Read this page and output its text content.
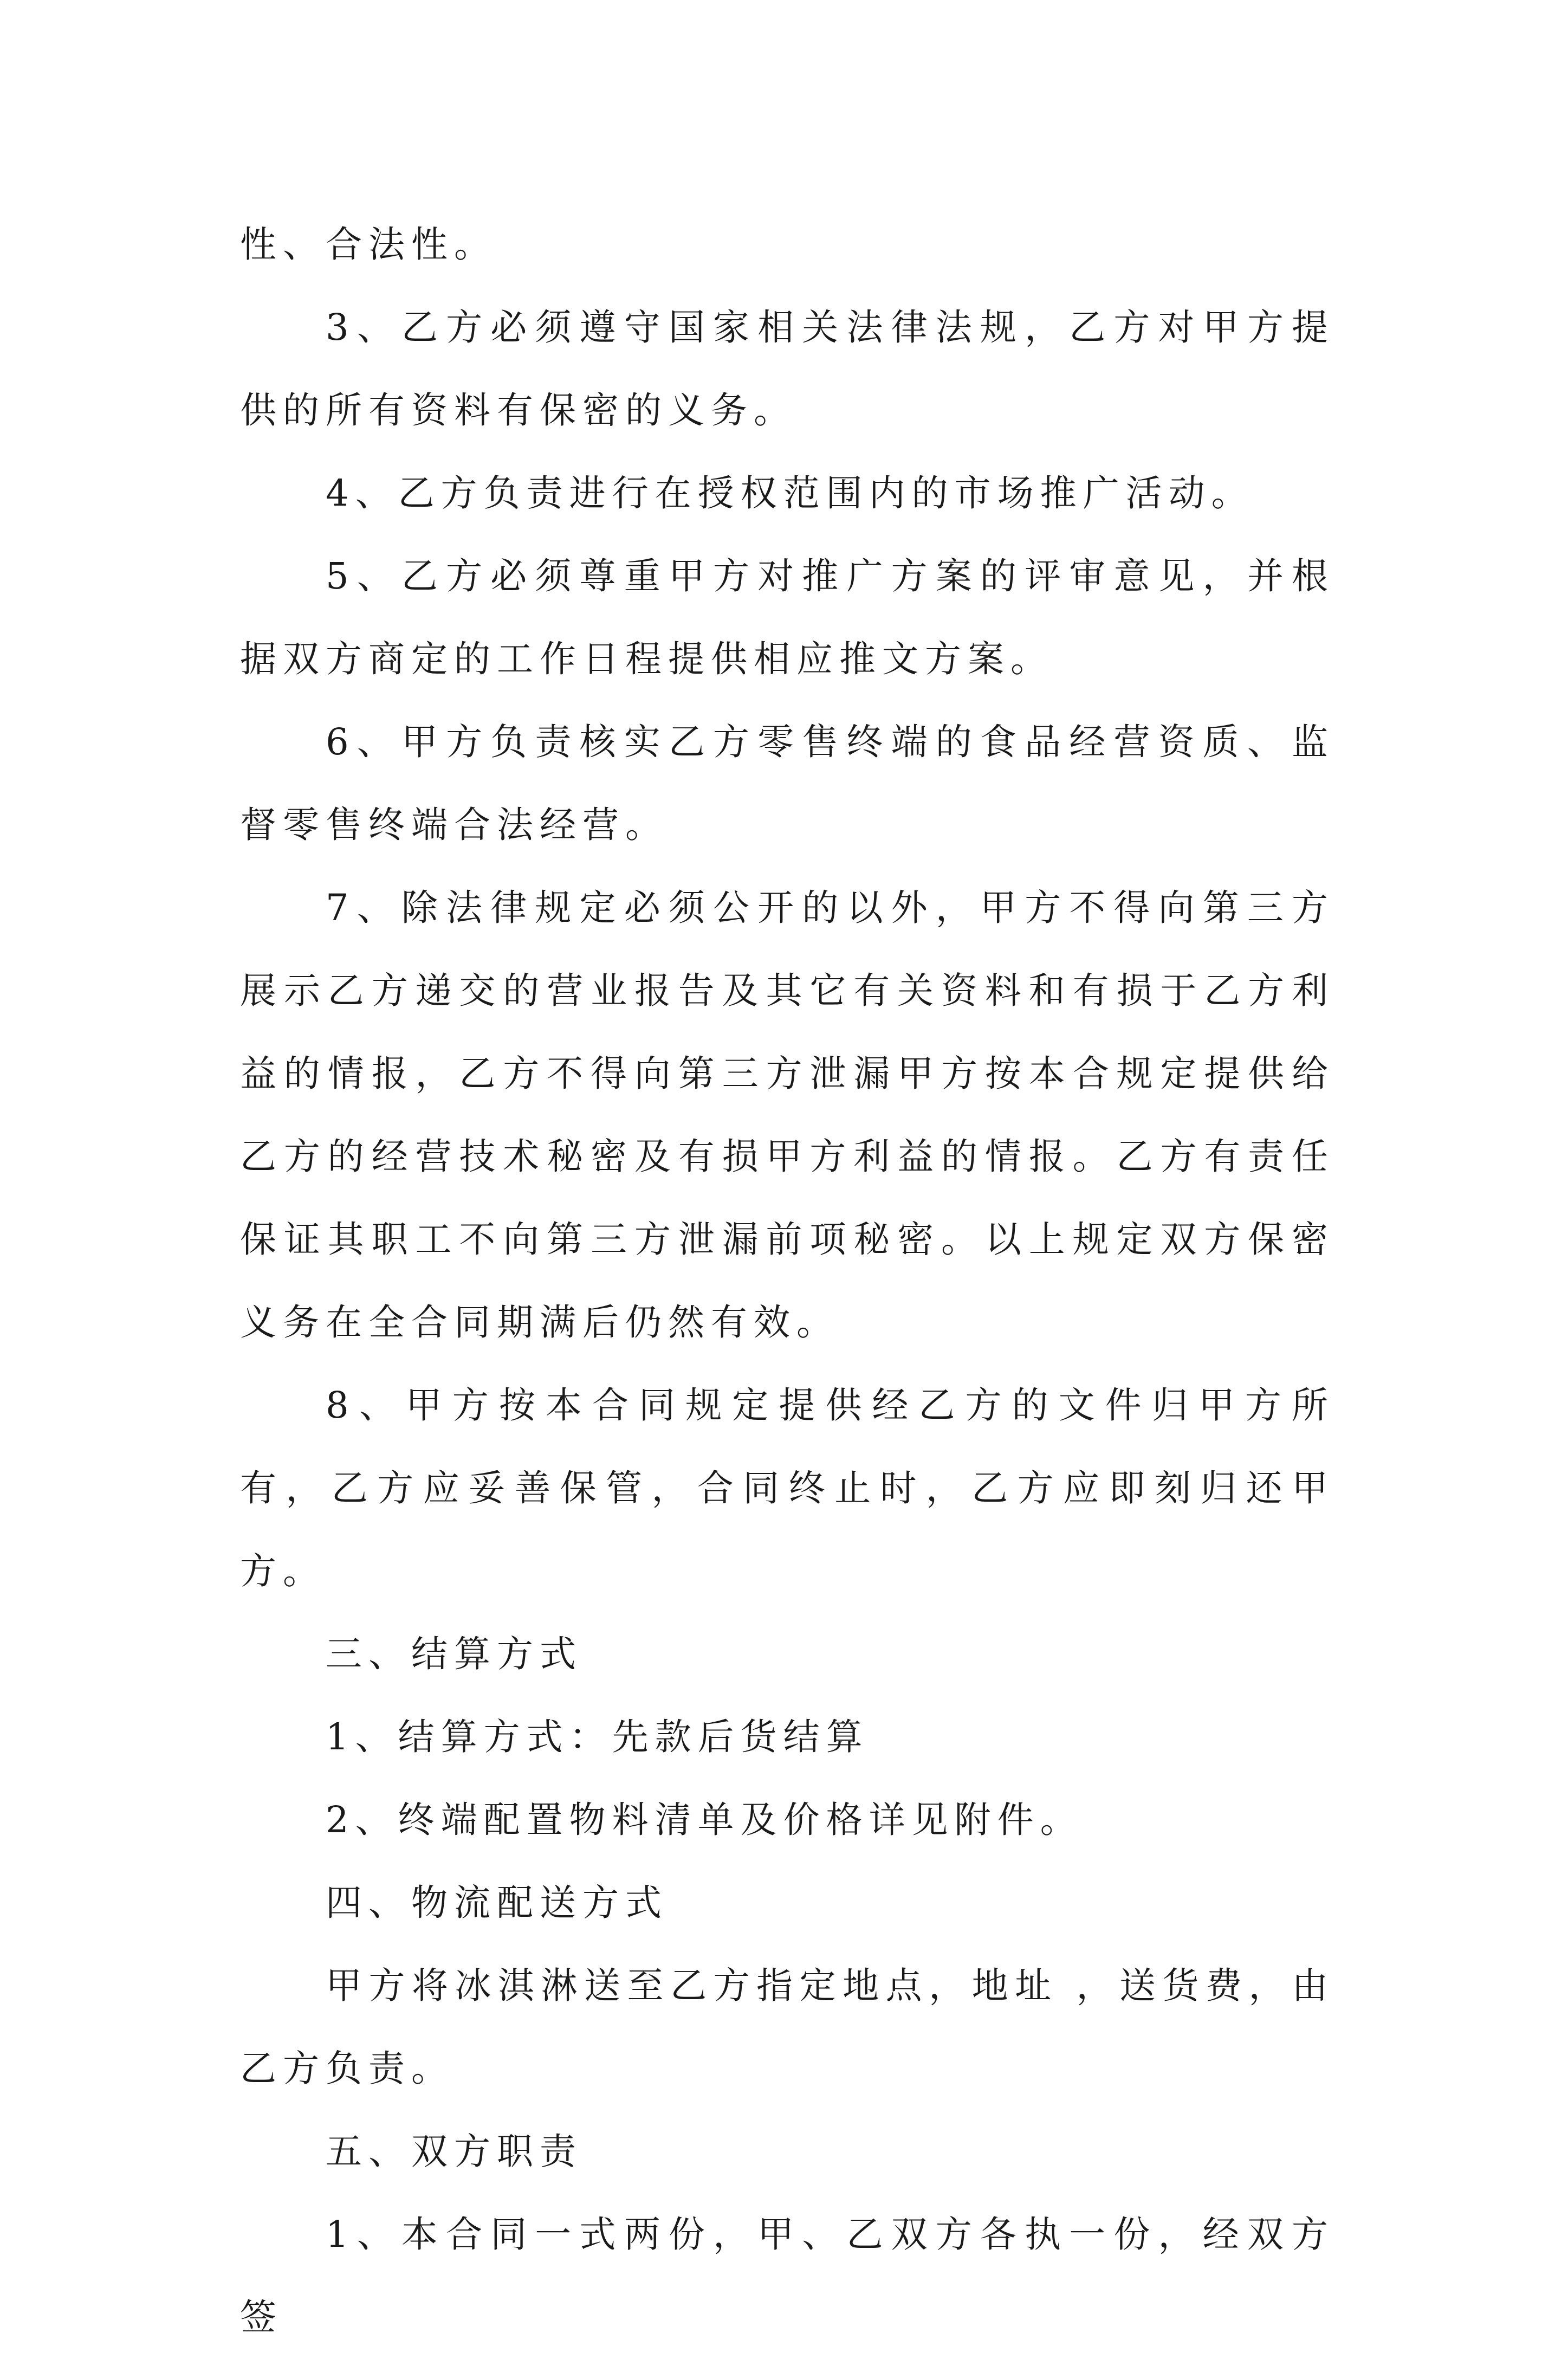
性、合法性。

3、乙方必须遵守国家相关法律法规，乙方对甲方提供的所有资料有保密的义务。

4、乙方负责进行在授权范围内的市场推广活动。

5、乙方必须尊重甲方对推广方案的评审意见，并根据双方商定的工作日程提供相应推文方案。

6、甲方负责核实乙方零售终端的食品经营资质、监督零售终端合法经营。

7、除法律规定必须公开的以外，甲方不得向第三方展示乙方递交的营业报告及其它有关资料和有损于乙方利益的情报，乙方不得向第三方泄漏甲方按本合规定提供给乙方的经营技术秘密及有损甲方利益的情报。乙方有责任保证其职工不向第三方泄漏前项秘密。以上规定双方保密义务在全合同期满后仍然有效。

8、甲方按本合同规定提供经乙方的文件归甲方所有，乙方应妥善保管，合同终止时，乙方应即刻归还甲方。

三、结算方式

1、结算方式：先款后货结算

2、终端配置物料清单及价格详见附件。

四、物流配送方式

甲方将冰淇淋送至乙方指定地点，地址 ，送货费，由乙方负责。

五、双方职责

1、本合同一式两份，甲、乙双方各执一份，经双方签
